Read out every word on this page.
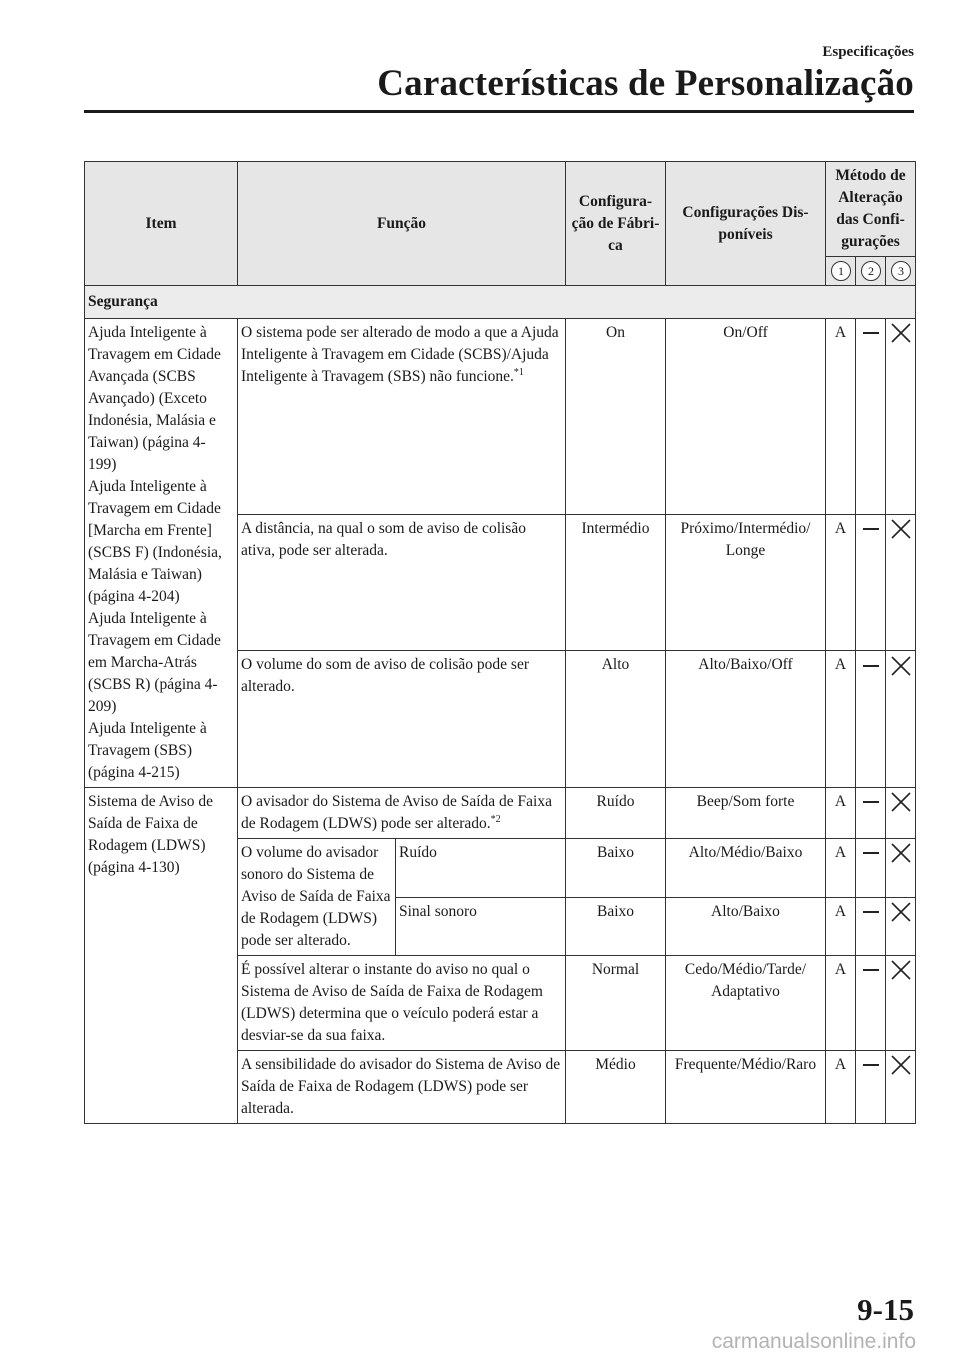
Especificações
Características de Personalização
Item	Função		Configura-
ção de Fábri-
ca	Configurações Dis-
poníveis	Método de
Alteração
das Confi-
gurações		
					1	2	3
Segurança							
Ajuda Inteligente à Travagem em Cidade Avançada (SCBS Avançado) (Exceto Indonésia, Malásia e Taiwan) (página 4-199)
Ajuda Inteligente à Travagem em Cidade [Marcha em Frente] (SCBS F) (Indonésia, Malásia e Taiwan) (página 4-204)
Ajuda Inteligente à Travagem em Cidade em Marcha-Atrás (SCBS R) (página 4-209)
Ajuda Inteligente à Travagem (SBS) (página 4-215)	O sistema pode ser alterado de modo a que a Ajuda Inteligente à Travagem em Cidade (SCBS)/Ajuda Inteligente à Travagem (SBS) não funcione.$^{*1}$		On	On/Off	A		
	A distância, na qual o som de aviso de colisão ativa, pode ser alterada.		Intermédio	Próximo/Intermédio/
Longe	A		
	O volume do som de aviso de colisão pode ser alterado.		Alto	Alto/Baixo/Off	A		
Sistema de Aviso de Saída de Faixa de Rodagem (LDWS) (página 4-130)	O avisador do Sistema de Aviso de Saída de Faixa de Rodagem (LDWS) pode ser alterado.$^{*2}$		Ruído	Beep/Som forte	A		
	O volume do avisador sonoro do Sistema de Aviso de Saída de Faixa de Rodagem (LDWS) pode ser alterado.	Ruído	Baixo	Alto/Médio/Baixo	A		
		Sinal sonoro	Baixo	Alto/Baixo	A		
	É possível alterar o instante do aviso no qual o Sistema de Aviso de Saída de Faixa de Rodagem (LDWS) determina que o veículo poderá estar a desviar-se da sua faixa.		Normal	Cedo/Médio/Tarde/
Adaptativo	A		
	A sensibilidade do avisador do Sistema de Aviso de Saída de Faixa de Rodagem (LDWS) pode ser alterada.		Médio	Frequente/Médio/Raro	A		
9-15
carmanualsonline.info
